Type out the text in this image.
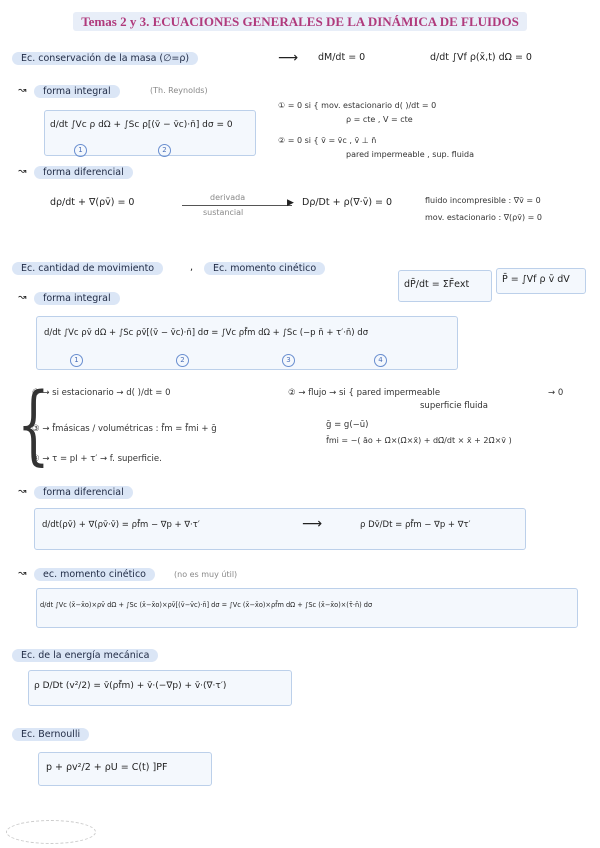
Temas 2 y 3. ECUACIONES GENERALES DE LA DINÁMICA DE FLUIDOS
Ec. conservación de la masa (∅=ρ)	⟶ dM/dt = 0	d/dt ∫Vf ρ(x̄,t) dΩ = 0
↝	forma integral	(Th. Reynolds)
d/dt ∫Vc ρ dΩ + ∫Sc ρ[(v̄ − v̄c)·n̄] dσ = 0
1	2
① = 0 si { mov. estacionario d( )/dt = 0
ρ = cte , V = cte
② = 0 si { v̄ = v̄c , v̄ ⊥ n̄
pared impermeable , sup. fluida
↝	forma diferencial
dρ/dt + ∇(ρv̄) = 0	derivada
▶
sustancial
Dρ/Dt + ρ(∇·v̄) = 0	fluido incompresible : ∇v̄ = 0
mov. estacionario : ∇(ρv̄) = 0
Ec. cantidad de movimiento	,	Ec. momento cinético
dP̄/dt = ΣF̄ext	P̄ = ∫Vf ρ v̄ dV
↝	forma integral
d/dt ∫Vc ρv̄ dΩ + ∫Sc ρv̄[(v̄ − v̄c)·n̄] dσ = ∫Vc ρf̄m dΩ + ∫Sc (−p n̄ + τ′·n̄) dσ
1	2	3	4
{
① → si estacionario → d( )/dt = 0	② → flujo → si { pared impermeable
superficie fluida
→ 0
③ → f̄másicas / volumétricas : f̄m = f̄mi + ḡ	ḡ = g(−ū)
f̄mi = −( āo + Ω̄×(Ω̄×x̄) + dΩ̄/dt × x̄ + 2Ω̄×v̄ )
④ → τ = pI + τ′ → f. superficie.
↝	forma diferencial
d/dt(ρv̄) + ∇(ρv̄·v̄) = ρf̄m − ∇p + ∇·τ′	⟶	ρ Dv̄/Dt = ρf̄m − ∇p + ∇τ′
↝	ec. momento cinético	(no es muy útil)
d/dt ∫Vc (x̄−x̄o)×ρv̄ dΩ + ∫Sc (x̄−x̄o)×ρv̄[(v̄−v̄c)·n̄] dσ = ∫Vc (x̄−x̄o)×ρf̄m dΩ + ∫Sc (x̄−x̄o)×(τ̄·n̄) dσ
Ec. de la energía mecánica
ρ D/Dt (v²/2) = v̄(ρf̄m) + v̄·(−∇p) + v̄·(∇·τ′)
Ec. Bernoulli
p + ρv²/2 + ρU = C(t) ]PF
